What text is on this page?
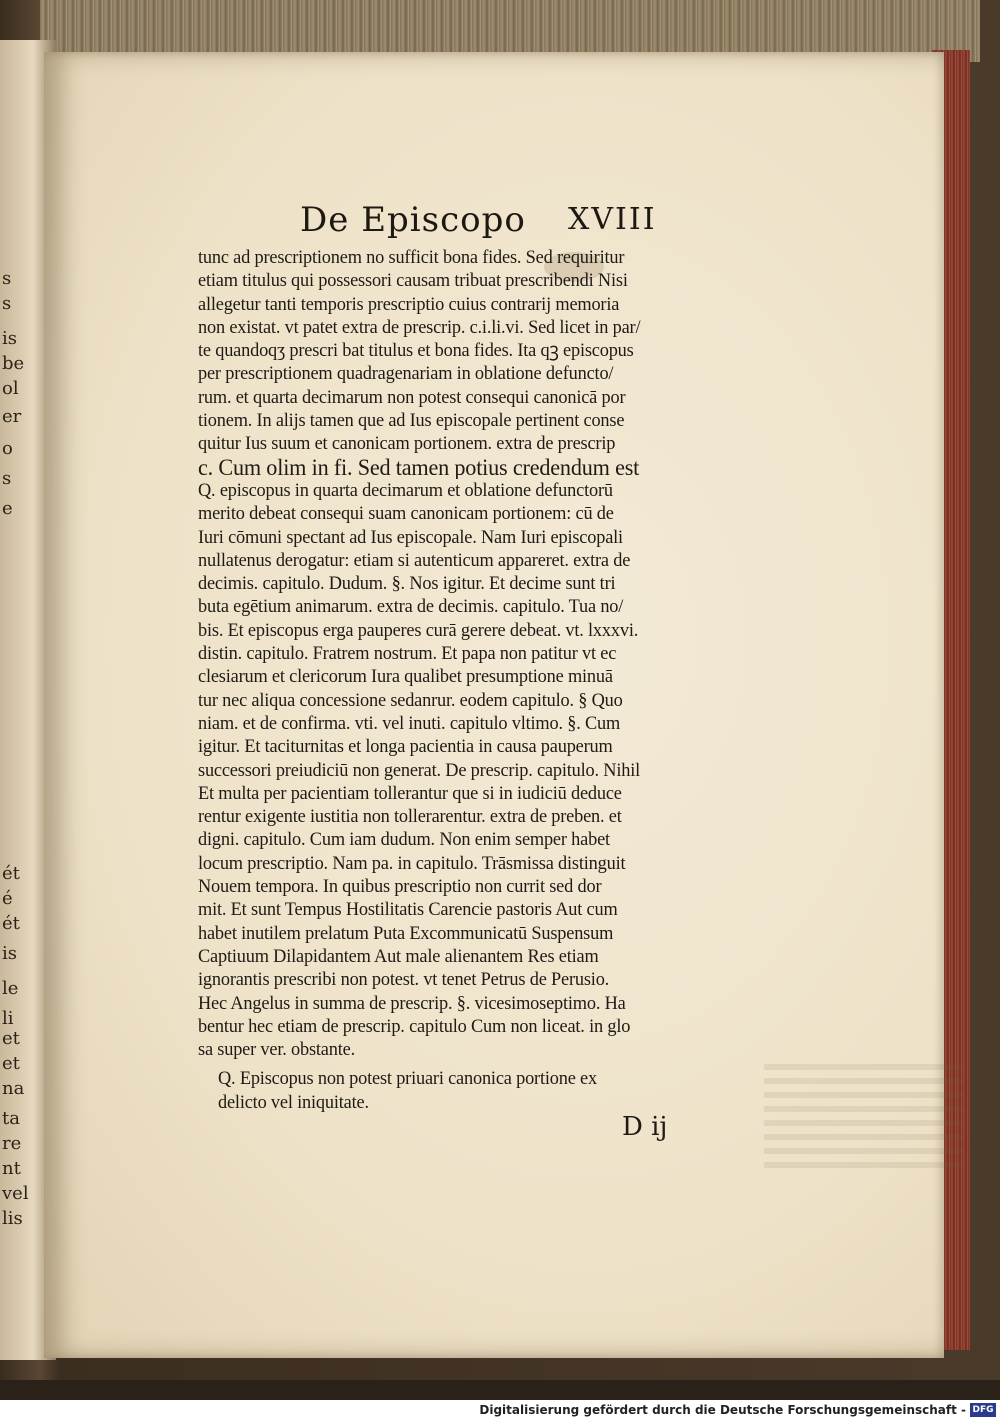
s
s
is
be
ol
er
o
s
e
ét
é
ét
is
le
li
et
et
na
ta
re
nt
vel
lis
De Episcopo XVIII
tunc ad prescriptionem no sufficit bona fides. Sed requiritur
etiam titulus qui possessori causam tribuat prescribendi Nisi
allegetur tanti temporis prescriptio cuius contrarij memoria
non existat. vt patet extra de prescrip. c.i.li.vi. Sed licet in par/
te quandoqʒ prescri bat titulus et bona fides. Ita qꝫ episcopus
per prescriptionem quadragenariam in oblatione defuncto/
rum. et quarta decimarum non potest consequi canonicā por
tionem. In alijs tamen que ad Ius episcopale pertinent conse
quitur Ius suum et canonicam portionem. extra de prescrip
c. Cum olim in fi. Sed tamen potius credendum est
Q. episcopus in quarta decimarum et oblatione defunctorū
merito debeat consequi suam canonicam portionem: cū de
Iuri cōmuni spectant ad Ius episcopale. Nam Iuri episcopali
nullatenus derogatur: etiam si autenticum appareret. extra de
decimis. capitulo. Dudum. §. Nos igitur. Et decime sunt tri
buta egētium animarum. extra de decimis. capitulo. Tua no/
bis. Et episcopus erga pauperes curā gerere debeat. vt. lxxxvi.
distin. capitulo. Fratrem nostrum. Et papa non patitur vt ec
clesiarum et clericorum Iura qualibet presumptione minuā
tur nec aliqua concessione sedanrur. eodem capitulo. § Quo
niam. et de confirma. vti. vel inuti. capitulo vltimo. §. Cum
igitur. Et taciturnitas et longa pacientia in causa pauperum
successori preiudiciū non generat. De prescrip. capitulo. Nihil
Et multa per pacientiam tollerantur que si in iudiciū deduce
rentur exigente iustitia non tollerarentur. extra de preben. et
digni. capitulo. Cum iam dudum. Non enim semper habet
locum prescriptio. Nam pa. in capitulo. Trāsmissa distinguit
Nouem tempora. In quibus prescriptio non currit sed dor
mit. Et sunt Tempus Hostilitatis Carencie pastoris Aut cum
habet inutilem prelatum Puta Excommunicatū Suspensum
Captiuum Dilapidantem Aut male alienantem Res etiam
ignorantis prescribi non potest. vt tenet Petrus de Perusio.
Hec Angelus in summa de prescrip. §. vicesimoseptimo. Ha
bentur hec etiam de prescrip. capitulo Cum non liceat. in glo
sa super ver. obstante.
Q. Episcopus non potest priuari canonica portione ex
delicto vel iniquitate.
D ij
Digitalisierung gefördert durch die Deutsche Forschungsgemeinschaft - DFG
